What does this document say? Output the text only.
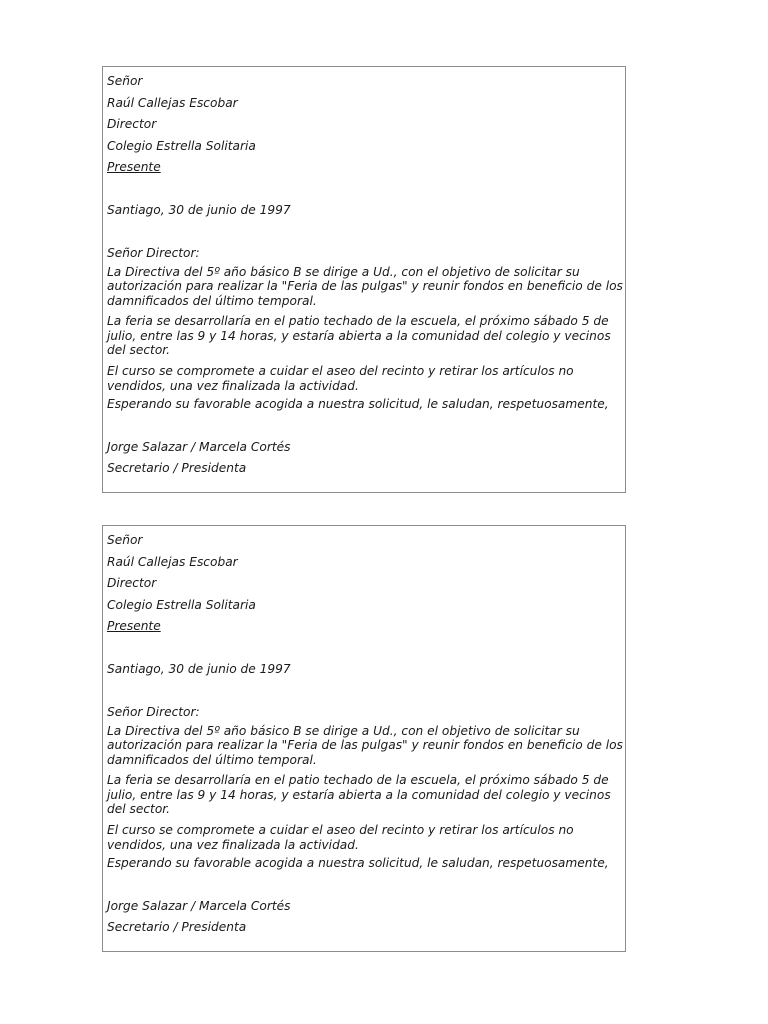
Señor
Raúl Callejas Escobar
Director
Colegio Estrella Solitaria
Presente
Santiago, 30 de junio de 1997
Señor Director:

La Directiva del 5º año básico B se dirige a Ud., con el objetivo de solicitar su
autorización para realizar la "Feria de las pulgas" y reunir fondos en beneficio de los
damnificados del último temporal.

La feria se desarrollaría en el patio techado de la escuela, el próximo sábado 5 de
julio, entre las 9 y 14 horas, y estaría abierta a la comunidad del colegio y vecinos
del sector.

El curso se compromete a cuidar el aseo del recinto y retirar los artículos no
vendidos, una vez finalizada la actividad.

Esperando su favorable acogida a nuestra solicitud, le saludan, respetuosamente,

Jorge Salazar / Marcela Cortés
Secretario / Presidenta
Señor
Raúl Callejas Escobar
Director
Colegio Estrella Solitaria
Presente
Santiago, 30 de junio de 1997
Señor Director:

La Directiva del 5º año básico B se dirige a Ud., con el objetivo de solicitar su
autorización para realizar la "Feria de las pulgas" y reunir fondos en beneficio de los
damnificados del último temporal.

La feria se desarrollaría en el patio techado de la escuela, el próximo sábado 5 de
julio, entre las 9 y 14 horas, y estaría abierta a la comunidad del colegio y vecinos
del sector.

El curso se compromete a cuidar el aseo del recinto y retirar los artículos no
vendidos, una vez finalizada la actividad.

Esperando su favorable acogida a nuestra solicitud, le saludan, respetuosamente,

Jorge Salazar / Marcela Cortés
Secretario / Presidenta
